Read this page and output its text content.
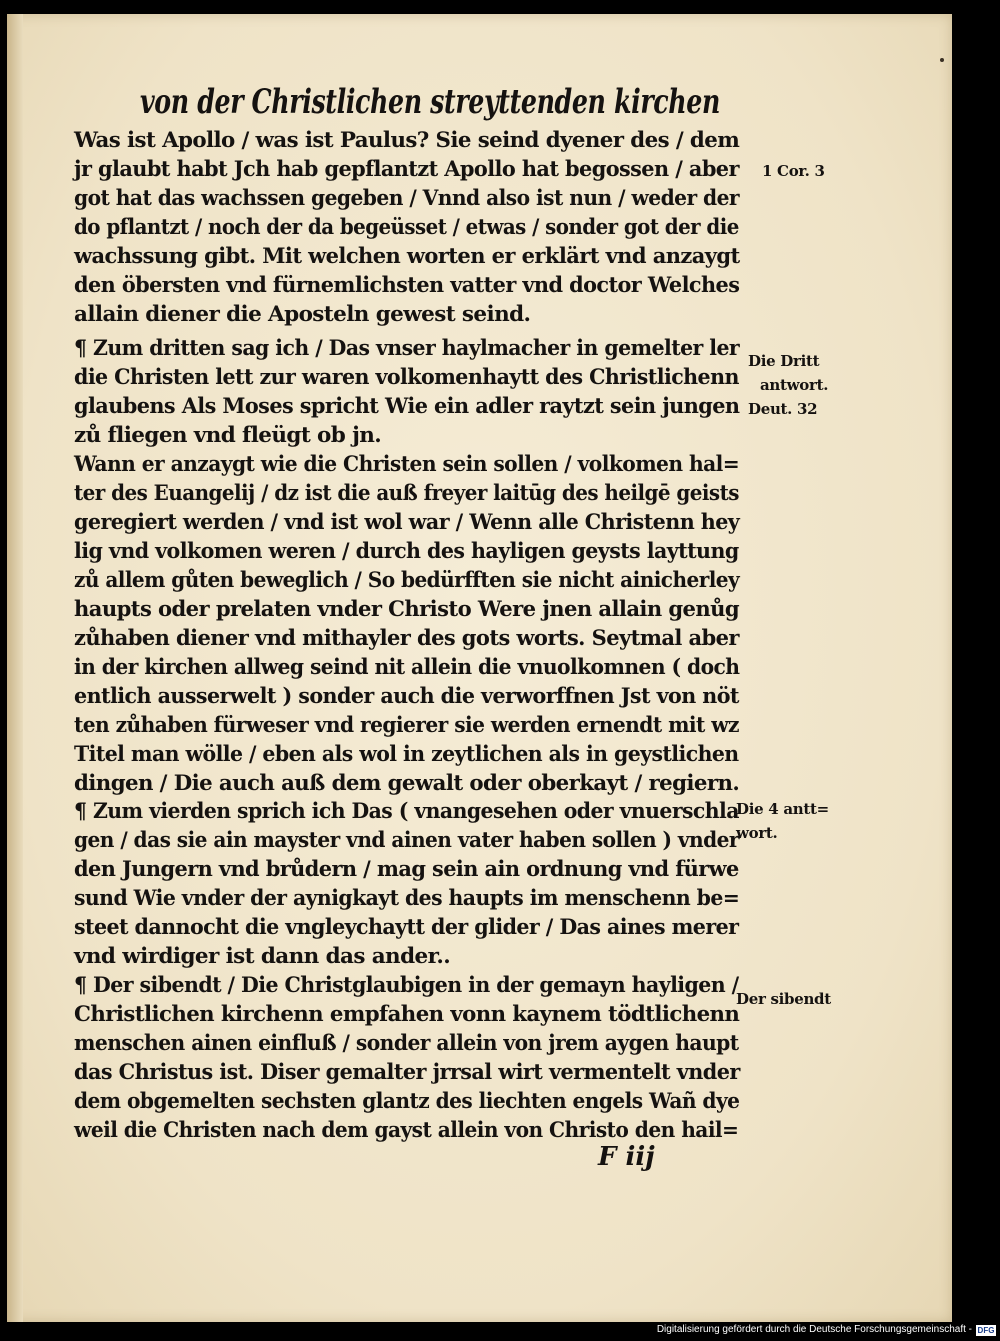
von der Christlichen streyttenden kirchen
Was ist Apollo / was ist Paulus? Sie seind dyener des / dem
jr glaubt habt Jch hab gepflantzt Apollo hat begossen / aber
got hat das wachssen gegeben / Vnnd also ist nun / weder der
do pflantzt / noch der da begeüsset / etwas / sonder got der die
wachssung gibt. Mit welchen worten er erklärt vnd anzaygt
den öbersten vnd fürnemlichsten vatter vnd doctor Welches
allain diener die Aposteln gewest seind.
¶ Zum dritten sag ich / Das vnser haylmacher in gemelter ler
die Christen lett zur waren volkomenhaytt des Christlichenn
glaubens Als Moses spricht Wie ein adler raytzt sein jungen
zů fliegen vnd fleügt ob jn.
Wann er anzaygt wie die Christen sein sollen / volkomen hal=
ter des Euangelij / dz ist die auß freyer laitūg des heilgē geists
geregiert werden / vnd ist wol war / Wenn alle Christenn hey
lig vnd volkomen weren / durch des hayligen geysts layttung
zů allem gůten beweglich / So bedürfften sie nicht ainicherley
haupts oder prelaten vnder Christo Were jnen allain genůg
zůhaben diener vnd mithayler des gots worts. Seytmal aber
in der kirchen allweg seind nit allein die vnuolkomnen ( doch
entlich ausserwelt ) sonder auch die verworffnen Jst von nöt
ten zůhaben fürweser vnd regierer sie werden ernendt mit wz
Titel man wölle / eben als wol in zeytlichen als in geystlichen
dingen / Die auch auß dem gewalt oder oberkayt / regiern.
¶ Zum vierden sprich ich Das ( vnangesehen oder vnuerschla
gen / das sie ain mayster vnd ainen vater haben sollen ) vnder
den Jungern vnd brůdern / mag sein ain ordnung vnd fürwe
sund Wie vnder der aynigkayt des haupts im menschenn be=
steet dannocht die vngleychaytt der glider / Das aines merer
vnd wirdiger ist dann das ander..
¶ Der sibendt / Die Christglaubigen in der gemayn hayligen /
Christlichen kirchenn empfahen vonn kaynem tödtlichenn
menschen ainen einfluß / sonder allein von jrem aygen haupt
das Christus ist. Diser gemalter jrrsal wirt vermentelt vnder
dem obgemelten sechsten glantz des liechten engels Wañ dye
weil die Christen nach dem gayst allein von Christo den hail=
1 Cor. 3
Die Dritt
antwort.
Deut. 32
Die 4 antt=
wort.
Der sibendt
F iij
Digitalisierung gefördert durch die Deutsche Forschungsgemeinschaft - DFG
